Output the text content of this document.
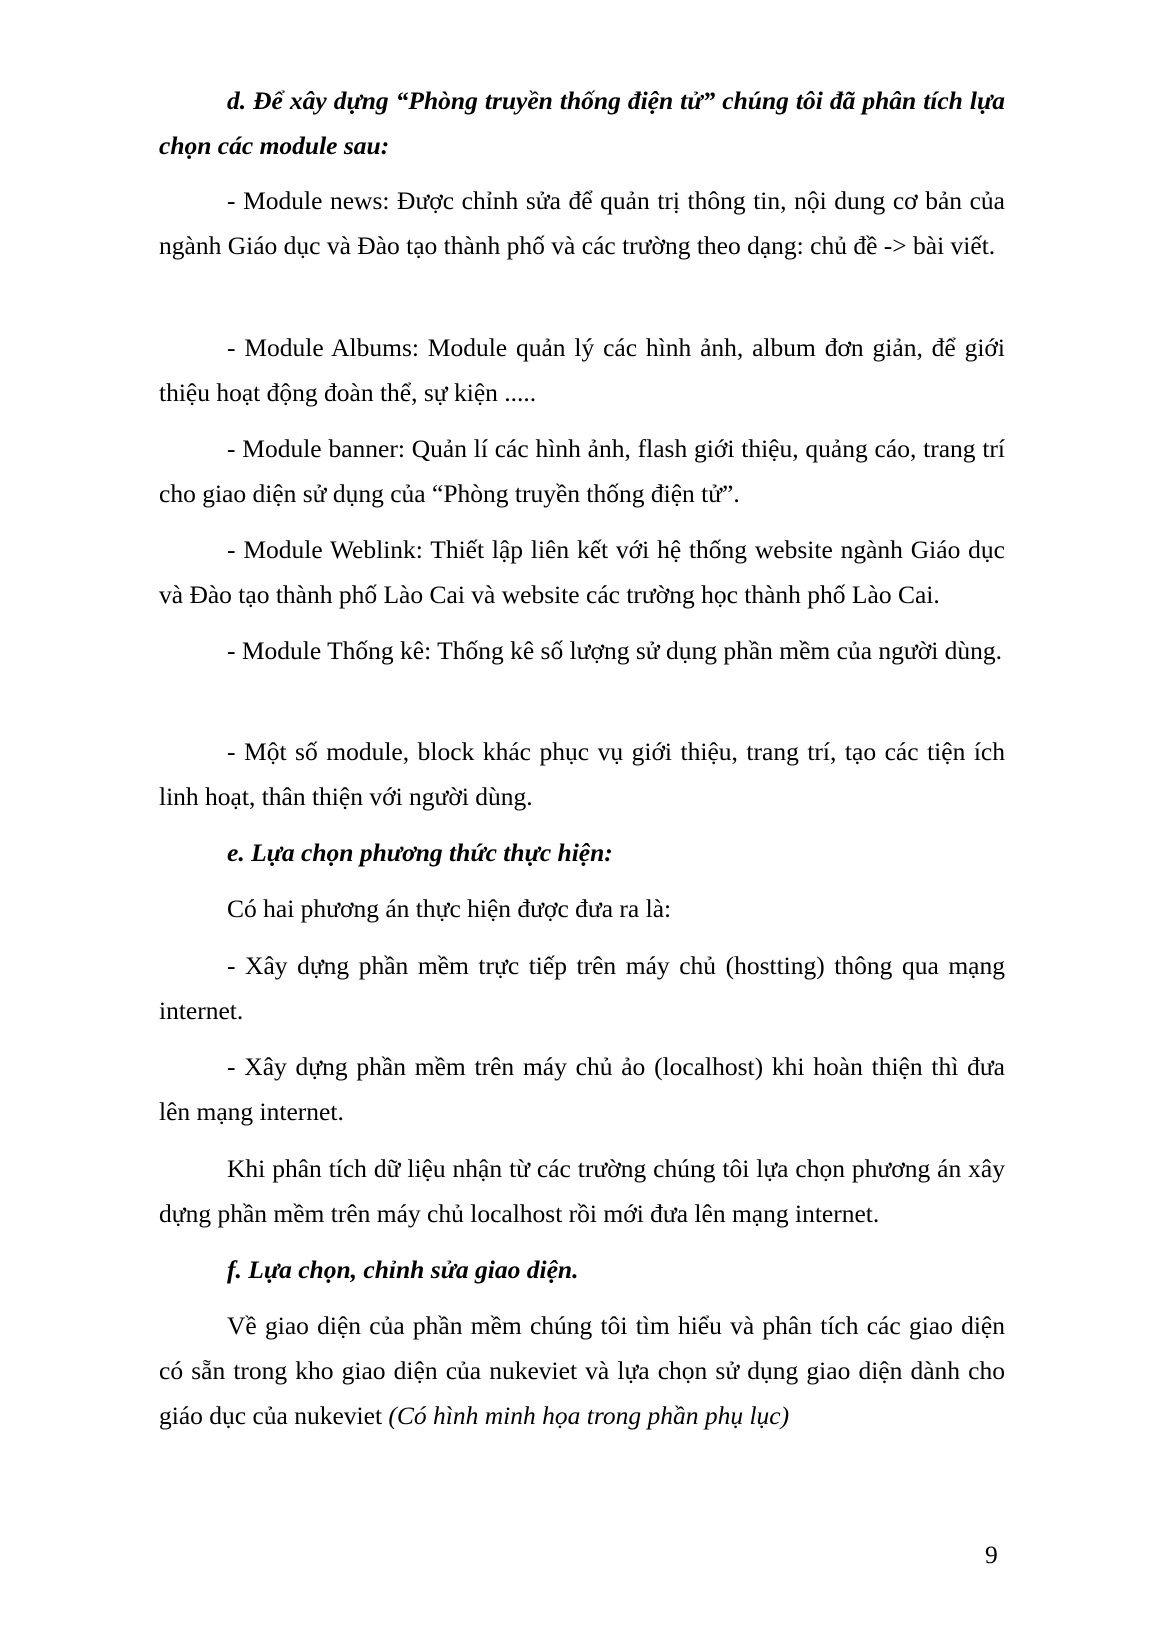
d. Để xây dựng “Phòng truyền thống điện tử” chúng tôi đã phân tích lựa chọn các module sau:

- Module news: Được chỉnh sửa để quản trị thông tin, nội dung cơ bản của ngành Giáo dục và Đào tạo thành phố và các trường theo dạng: chủ đề -> bài viết.

- Module Albums: Module quản lý các hình ảnh, album đơn giản, để giới thiệu hoạt động đoàn thể, sự kiện .....

- Module banner: Quản lí các hình ảnh, flash giới thiệu, quảng cáo, trang trí cho giao diện sử dụng của “Phòng truyền thống điện tử”.

- Module Weblink: Thiết lập liên kết với hệ thống website ngành Giáo dục và Đào tạo thành phố Lào Cai và website các trường học thành phố Lào Cai.

- Module Thống kê: Thống kê số lượng sử dụng phần mềm của người dùng.

- Một số module, block khác phục vụ giới thiệu, trang trí, tạo các tiện ích linh hoạt, thân thiện với người dùng.

e. Lựa chọn phương thức thực hiện:

Có hai phương án thực hiện được đưa ra là:

- Xây dựng phần mềm trực tiếp trên máy chủ (hostting) thông qua mạng internet.

- Xây dựng phần mềm trên máy chủ ảo (localhost) khi hoàn thiện thì đưa lên mạng internet.

Khi phân tích dữ liệu nhận từ các trường chúng tôi lựa chọn phương án xây dựng phần mềm trên máy chủ localhost rồi mới đưa lên mạng internet.

f. Lựa chọn, chỉnh sửa giao diện.

Về giao diện của phần mềm chúng tôi tìm hiểu và phân tích các giao diện có sẵn trong kho giao diện của nukeviet và lựa chọn sử dụng giao diện dành cho giáo dục của nukeviet (Có hình minh họa trong phần phụ lục)

9
